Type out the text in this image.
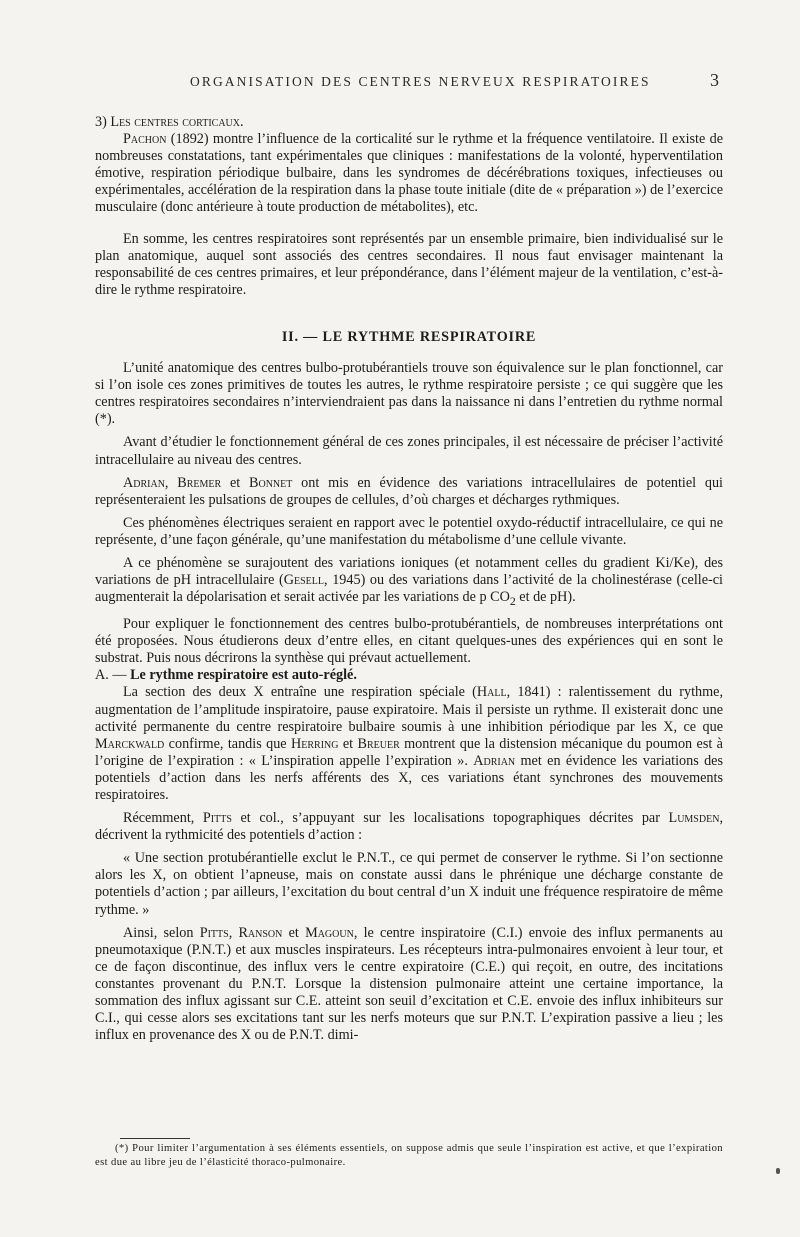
ORGANISATION DES CENTRES NERVEUX RESPIRATOIRES	3

3) Les centres corticaux.

Pachon (1892) montre l’influence de la corticalité sur le rythme et la fréquence ventilatoire. Il existe de nombreuses constatations, tant expérimentales que cliniques : manifestations de la volonté, hyperventilation émotive, respiration périodique bulbaire, dans les syndromes de décérébrations toxiques, infectieuses ou expérimentales, accélération de la respiration dans la phase toute initiale (dite de « préparation ») de l’exercice musculaire (donc antérieure à toute production de métabolites), etc.

En somme, les centres respiratoires sont représentés par un ensemble primaire, bien individualisé sur le plan anatomique, auquel sont associés des centres secondaires. Il nous faut envisager maintenant la responsabilité de ces centres primaires, et leur prépondérance, dans l’élément majeur de la ventilation, c’est-à-dire le rythme respiratoire.

II. — LE RYTHME RESPIRATOIRE

L’unité anatomique des centres bulbo-protubérantiels trouve son équivalence sur le plan fonctionnel, car si l’on isole ces zones primitives de toutes les autres, le rythme respiratoire persiste ; ce qui suggère que les centres respiratoires secondaires n’interviendraient pas dans la naissance ni dans l’entretien du rythme normal (*).

Avant d’étudier le fonctionnement général de ces zones principales, il est nécessaire de préciser l’activité intracellulaire au niveau des centres.

Adrian, Bremer et Bonnet ont mis en évidence des variations intracellulaires de potentiel qui représenteraient les pulsations de groupes de cellules, d’où charges et décharges rythmiques.

Ces phénomènes électriques seraient en rapport avec le potentiel oxydo-réductif intracellulaire, ce qui ne représente, d’une façon générale, qu’une manifestation du métabolisme d’une cellule vivante.

A ce phénomène se surajoutent des variations ioniques (et notamment celles du gradient Ki/Ke), des variations de pH intracellulaire (Gesell, 1945) ou des variations dans l’activité de la cholinestérase (celle-ci augmenterait la dépolarisation et serait activée par les variations de p $CO_2$ et de pH).

Pour expliquer le fonctionnement des centres bulbo-protubérantiels, de nombreuses interprétations ont été proposées. Nous étudierons deux d’entre elles, en citant quelques-unes des expériences qui en sont le substrat. Puis nous décrirons la synthèse qui prévaut actuellement.

A. — Le rythme respiratoire est auto-réglé.

La section des deux X entraîne une respiration spéciale (Hall, 1841) : ralentissement du rythme, augmentation de l’amplitude inspiratoire, pause expiratoire. Mais il persiste un rythme. Il existerait donc une activité permanente du centre respiratoire bulbaire soumis à une inhibition périodique par les X, ce que Marckwald confirme, tandis que Herring et Breuer montrent que la distension mécanique du poumon est à l’origine de l’expiration : « L’inspiration appelle l’expiration ». Adrian met en évidence les variations des potentiels d’action dans les nerfs afférents des X, ces variations étant synchrones des mouvements respiratoires.

Récemment, Pitts et col., s’appuyant sur les localisations topographiques décrites par Lumsden, décrivent la rythmicité des potentiels d’action :

« Une section protubérantielle exclut le P.N.T., ce qui permet de conserver le rythme. Si l’on sectionne alors les X, on obtient l’apneuse, mais on constate aussi dans le phrénique une décharge constante de potentiels d’action ; par ailleurs, l’excitation du bout central d’un X induit une fréquence respiratoire de même rythme. »

Ainsi, selon Pitts, Ranson et Magoun, le centre inspiratoire (C.I.) envoie des influx permanents au pneumotaxique (P.N.T.) et aux muscles inspirateurs. Les récepteurs intra-pulmonaires envoient à leur tour, et ce de façon discontinue, des influx vers le centre expiratoire (C.E.) qui reçoit, en outre, des incitations constantes provenant du P.N.T. Lorsque la distension pulmonaire atteint une certaine importance, la sommation des influx agissant sur C.E. atteint son seuil d’excitation et C.E. envoie des influx inhibiteurs sur C.I., qui cesse alors ses excitations tant sur les nerfs moteurs que sur P.N.T. L’expiration passive a lieu ; les influx en provenance des X ou de P.N.T. dimi-

(*) Pour limiter l’argumentation à ses éléments essentiels, on suppose admis que seule l’inspiration est active, et que l’expiration est due au libre jeu de l’élasticité thoraco-pulmonaire.
